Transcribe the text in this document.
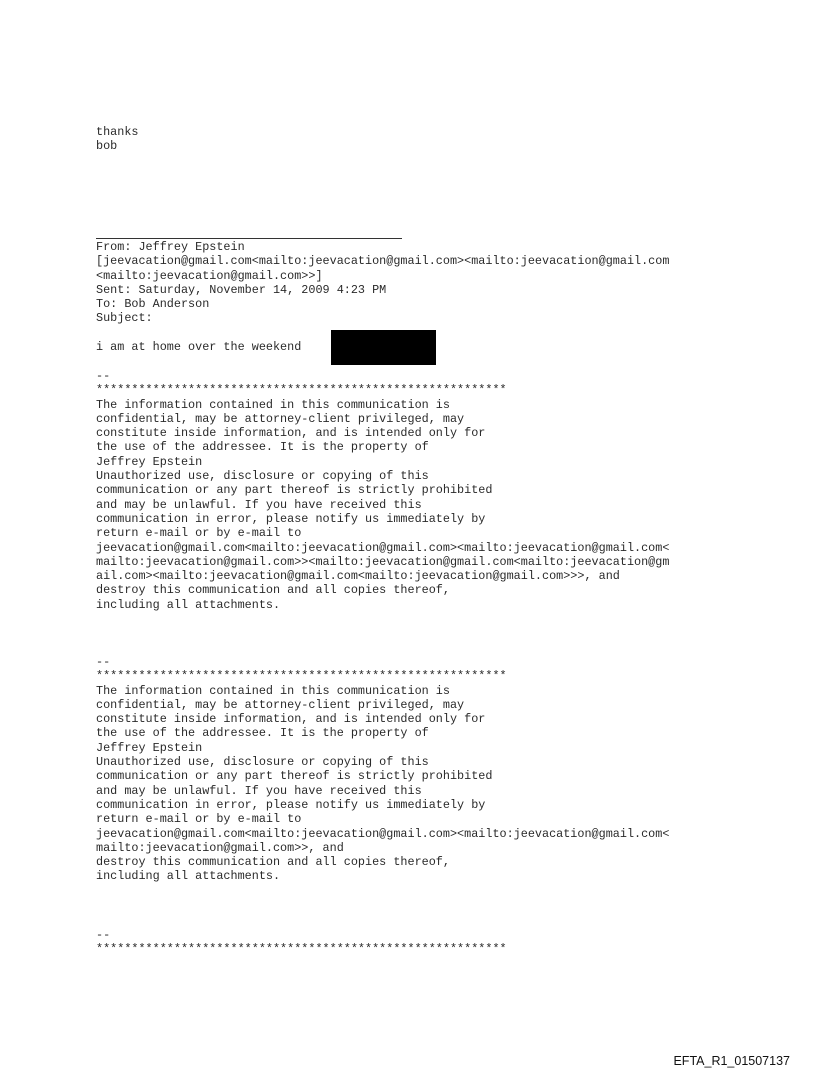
thanks
bob
From: Jeffrey Epstein
[jeevacation@gmail.com<mailto:jeevacation@gmail.com><mailto:jeevacation@gmail.com
<mailto:jeevacation@gmail.com>>]
Sent: Saturday, November 14, 2009 4:23 PM
To: Bob Anderson
Subject:
i am at home over the weekend
--
**********************************************************
The information contained in this communication is
confidential, may be attorney-client privileged, may
constitute inside information, and is intended only for
the use of the addressee. It is the property of
Jeffrey Epstein
Unauthorized use, disclosure or copying of this
communication or any part thereof is strictly prohibited
and may be unlawful. If you have received this
communication in error, please notify us immediately by
return e-mail or by e-mail to
jeevacation@gmail.com<mailto:jeevacation@gmail.com><mailto:jeevacation@gmail.com<
mailto:jeevacation@gmail.com>><mailto:jeevacation@gmail.com<mailto:jeevacation@gm
ail.com><mailto:jeevacation@gmail.com<mailto:jeevacation@gmail.com>>>, and
destroy this communication and all copies thereof,
including all attachments.
--
**********************************************************
The information contained in this communication is
confidential, may be attorney-client privileged, may
constitute inside information, and is intended only for
the use of the addressee. It is the property of
Jeffrey Epstein
Unauthorized use, disclosure or copying of this
communication or any part thereof is strictly prohibited
and may be unlawful. If you have received this
communication in error, please notify us immediately by
return e-mail or by e-mail to
jeevacation@gmail.com<mailto:jeevacation@gmail.com><mailto:jeevacation@gmail.com<
mailto:jeevacation@gmail.com>>, and
destroy this communication and all copies thereof,
including all attachments.
--
**********************************************************
EFTA_R1_01507137
